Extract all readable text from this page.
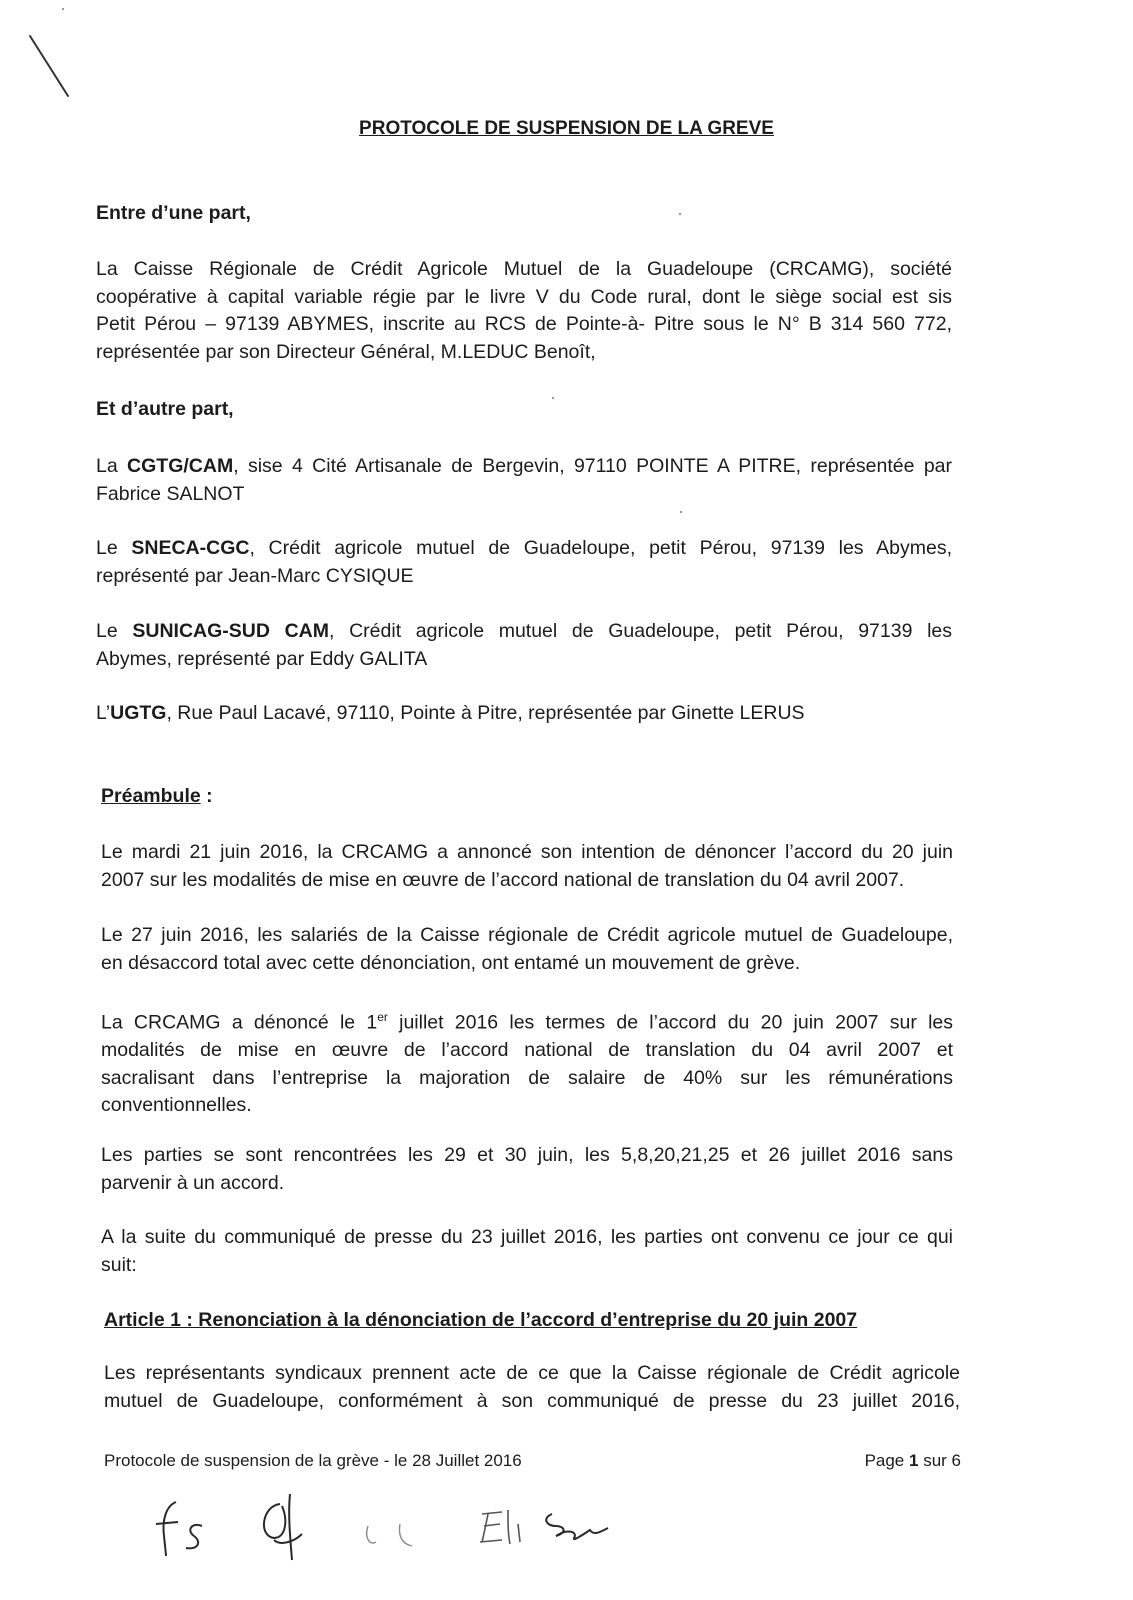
PROTOCOLE DE SUSPENSION DE LA GREVE
Entre d’une part,
La Caisse Régionale de Crédit Agricole Mutuel de la Guadeloupe (CRCAMG), société
coopérative à capital variable régie par le livre V du Code rural, dont le siège social est sis
Petit Pérou – 97139 ABYMES, inscrite au RCS de Pointe-à- Pitre sous le N° B 314 560 772,
représentée par son Directeur Général, M.LEDUC Benoît,
Et d’autre part,
La CGTG/CAM, sise 4 Cité Artisanale de Bergevin, 97110 POINTE A PITRE, représentée par
Fabrice SALNOT
Le SNECA-CGC, Crédit agricole mutuel de Guadeloupe, petit Pérou, 97139 les Abymes,
représenté par Jean-Marc CYSIQUE
Le SUNICAG-SUD CAM, Crédit agricole mutuel de Guadeloupe, petit Pérou, 97139 les
Abymes, représenté par Eddy GALITA
L’UGTG, Rue Paul Lacavé, 97110, Pointe à Pitre, représentée par Ginette LERUS
Préambule :
Le mardi 21 juin 2016, la CRCAMG a annoncé son intention de dénoncer l’accord du 20 juin
2007 sur les modalités de mise en œuvre de l’accord national de translation du 04 avril 2007.
Le 27 juin 2016, les salariés de la Caisse régionale de Crédit agricole mutuel de Guadeloupe,
en désaccord total avec cette dénonciation, ont entamé un mouvement de grève.
La CRCAMG a dénoncé le 1er juillet 2016 les termes de l’accord du 20 juin 2007 sur les
modalités de mise en œuvre de l’accord national de translation du 04 avril 2007 et
sacralisant dans l’entreprise la majoration de salaire de 40% sur les rémunérations
conventionnelles.
Les parties se sont rencontrées les 29 et 30 juin, les 5,8,20,21,25 et 26 juillet 2016 sans
parvenir à un accord.
A la suite du communiqué de presse du 23 juillet 2016, les parties ont convenu ce jour ce qui
suit:
Article 1 : Renonciation à la dénonciation de l’accord d’entreprise du 20 juin 2007
Les représentants syndicaux prennent acte de ce que la Caisse régionale de Crédit agricole
mutuel de Guadeloupe, conformément à son communiqué de presse du 23 juillet 2016,
Protocole de suspension de la grève - le 28 Juillet 2016	Page 1 sur 6
